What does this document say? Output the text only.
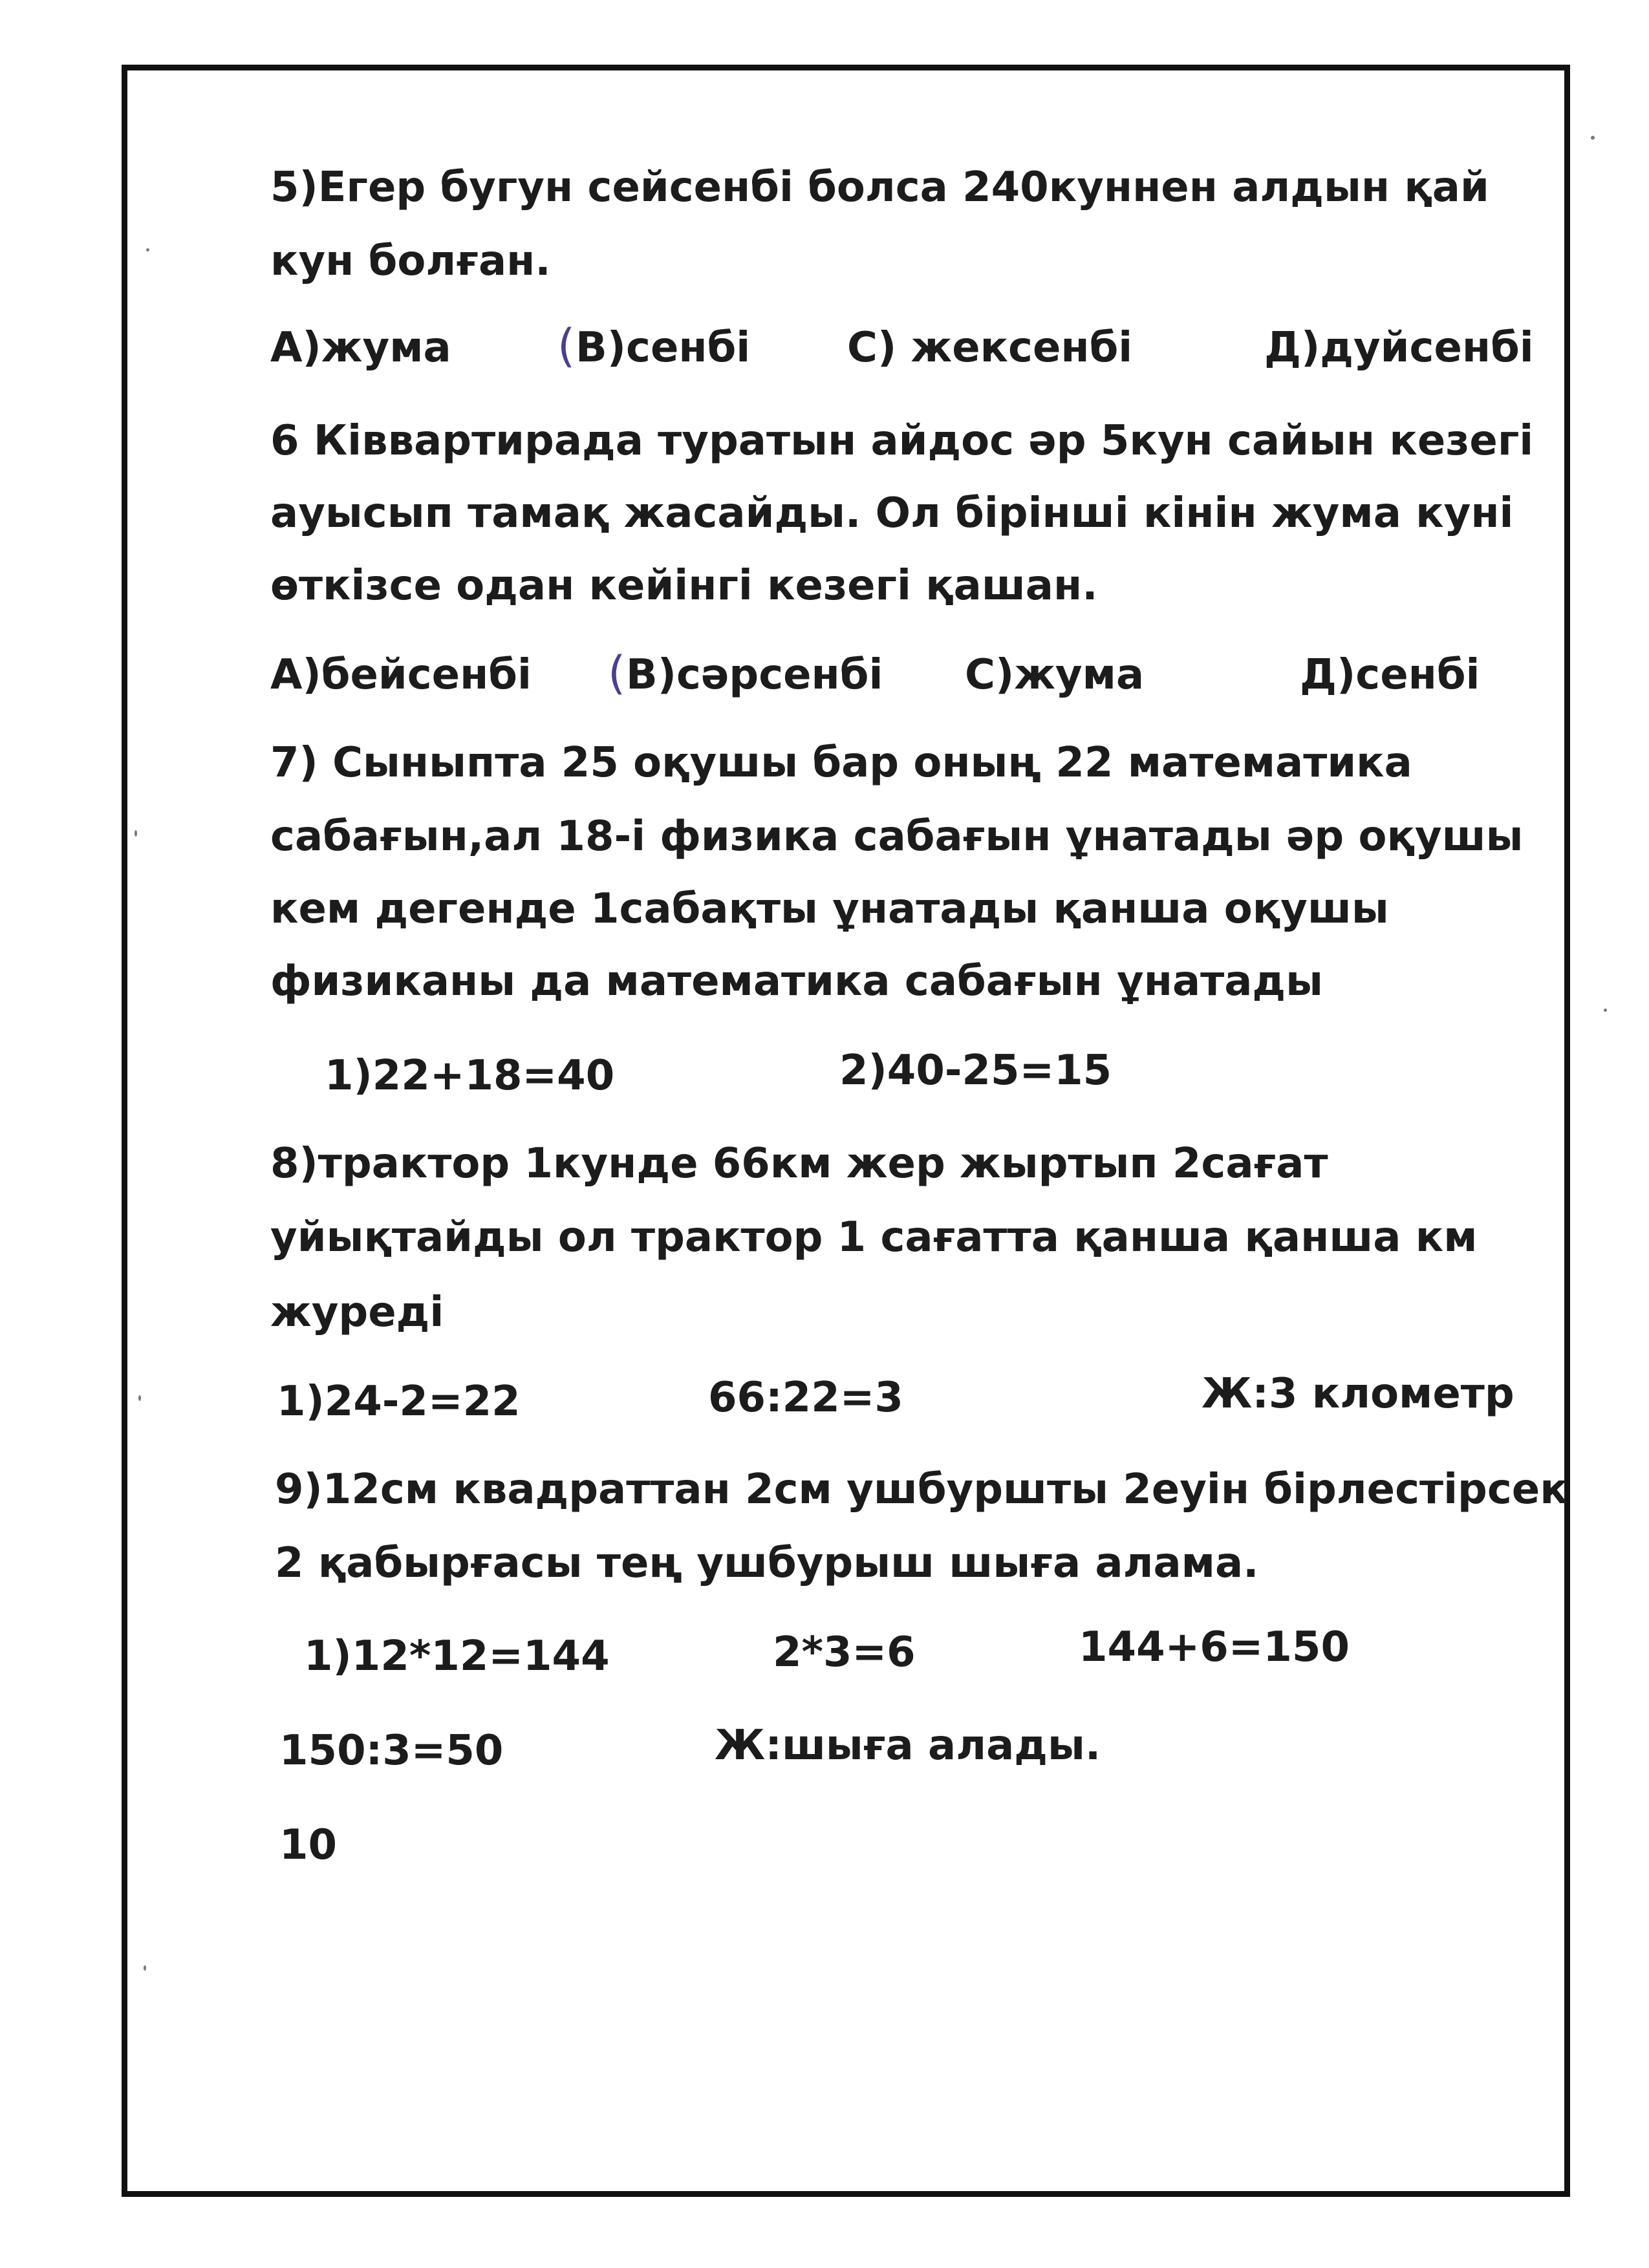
5)Егер бугун сейсенбі болса 240куннен алдын қай
кун болған.
А)жума ( В)сенбі С) жексенбі	Д)дуйсенбі
6 Ківвартирада туратын айдос әр 5кун сайын кезегі
ауысып тамақ жасайды. Ол бірінші кінін жума куні
өткізсе одан кейінгі кезегі қашан.
А)бейсенбі ( В)сәрсенбі С)жума	Д)сенбі
7) Сыныпта 25 оқушы бар оның 22 математика
сабағын,ал 18-і физика сабағын ұнатады әр оқушы
кем дегенде 1сабақты ұнатады қанша оқушы
физиканы да математика сабағын ұнатады
1)22+18=40	2)40-25=15
8)трактор 1кунде 66км жер жыртып 2сағат
уйықтайды ол трактор 1 сағатта қанша қанша км
журеді
1)24-2=22	66:22=3	Ж:3 клометр
9)12см квадраттан 2см ушбуршты 2еуін бірлестірсек
2 қабырғасы тең ушбурыш шыға алама.
1)12*12=144	2*3=6	144+6=150
150:3=50	Ж:шыға алады.
10
